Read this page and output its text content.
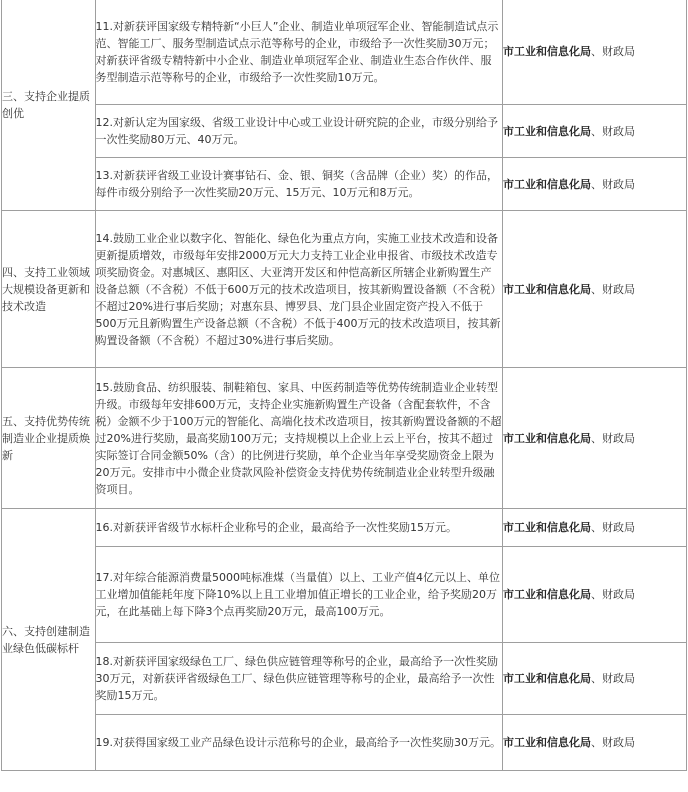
三、支持企业提质创优	11.对新获评国家级专精特新“小巨人”企业、制造业单项冠军企业、智能制造试点示范、智能工厂、服务型制造试点示范等称号的企业，市级给予一次性奖励30万元；对新获评省级专精特新中小企业、制造业单项冠军企业、制造业生态合作伙伴、服务型制造示范等称号的企业，市级给予一次性奖励10万元。	市工业和信息化局、财政局
	12.对新认定为国家级、省级工业设计中心或工业设计研究院的企业，市级分别给予一次性奖励80万元、40万元。	市工业和信息化局、财政局
	13.对新获评省级工业设计赛事钻石、金、银、铜奖（含品牌（企业）奖）的作品，每件市级分别给予一次性奖励20万元、15万元、10万元和8万元。	市工业和信息化局、财政局
四、支持工业领域大规模设备更新和技术改造	14.鼓励工业企业以数字化、智能化、绿色化为重点方向，实施工业技术改造和设备更新提质增效，市级每年安排2000万元大力支持工业企业申报省、市级技术改造专项奖励资金。对惠城区、惠阳区、大亚湾开发区和仲恺高新区所辖企业新购置生产设备总额（不含税）不低于600万元的技术改造项目，按其新购置设备额（不含税）不超过20%进行事后奖励；对惠东县、博罗县、龙门县企业固定资产投入不低于500万元且新购置生产设备总额（不含税）不低于400万元的技术改造项目，按其新购置设备额（不含税）不超过30%进行事后奖励。	市工业和信息化局、财政局
五、支持优势传统制造业企业提质焕新	15.鼓励食品、纺织服装、制鞋箱包、家具、中医药制造等优势传统制造业企业转型升级。市级每年安排600万元，支持企业实施新购置生产设备（含配套软件，不含税）金额不少于100万元的智能化、高端化技术改造项目，按其新购置设备额的不超过20%进行奖励，最高奖励100万元；支持规模以上企业上云上平台，按其不超过实际签订合同金额50%（含）的比例进行奖励，单个企业当年享受奖励资金上限为20万元。安排市中小微企业贷款风险补偿资金支持优势传统制造业企业转型升级融资项目。	市工业和信息化局、财政局
六、支持创建制造业绿色低碳标杆	16.对新获评省级节水标杆企业称号的企业，最高给予一次性奖励15万元。	市工业和信息化局、财政局
	17.对年综合能源消费量5000吨标准煤（当量值）以上、工业产值4亿元以上、单位工业增加值能耗年度下降10%以上且工业增加值正增长的工业企业，给予奖励20万元，在此基础上每下降3个点再奖励20万元，最高100万元。	市工业和信息化局、财政局
	18.对新获评国家级绿色工厂、绿色供应链管理等称号的企业，最高给予一次性奖励30万元，对新获评省级绿色工厂、绿色供应链管理等称号的企业，最高给予一次性奖励15万元。	市工业和信息化局、财政局
	19.对获得国家级工业产品绿色设计示范称号的企业，最高给予一次性奖励30万元。	市工业和信息化局、财政局
